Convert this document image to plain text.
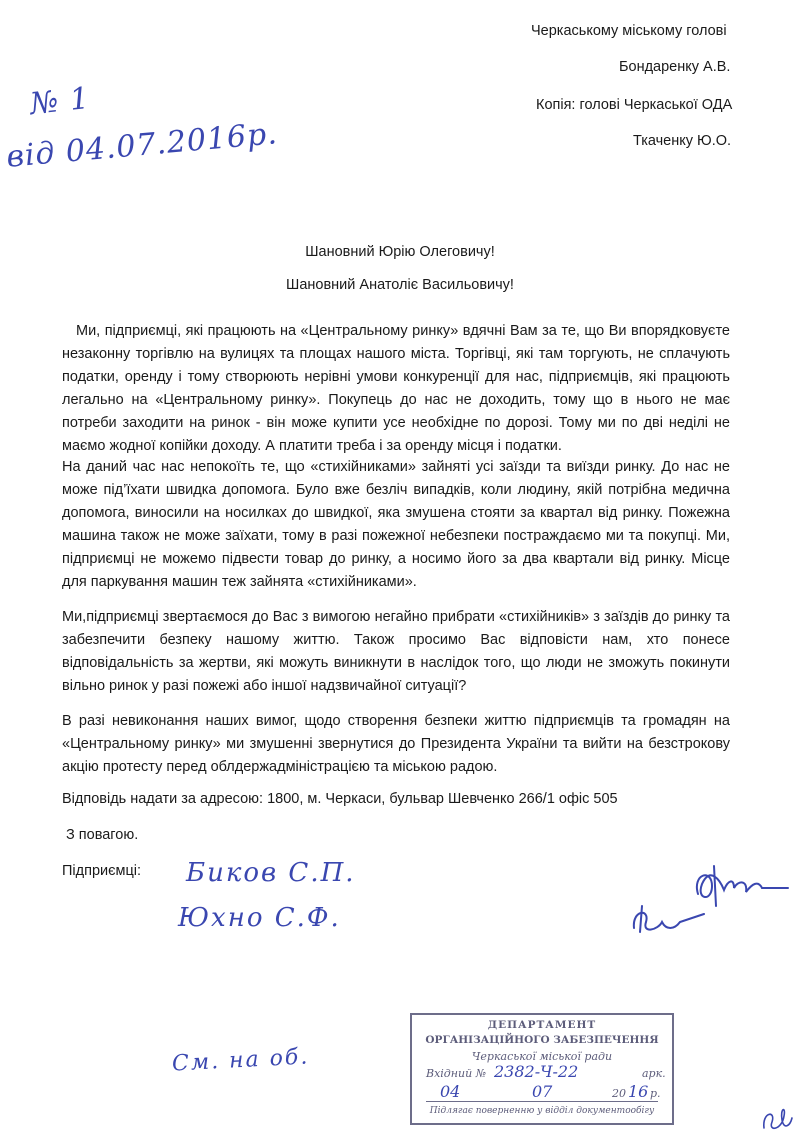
Черкаському міському голові
Бондаренку А.В.
Копія: голові Черкаської ОДА
Ткаченку Ю.О.
№ 1
від 04.07.2016р.
Шановний Юрію Олеговичу!
Шановний Анатоліє Васильовичу!
Ми, підприємці, які працюють на «Центральному ринку» вдячні Вам за те, що Ви впорядковуєте незаконну торгівлю на вулицях та площах нашого міста. Торгівці, які там торгують, не сплачують податки, оренду і тому створюють нерівні умови конкуренції для нас, підприємців, які працюють легально на «Центральному ринку». Покупець до нас не доходить, тому що в нього не має потреби заходити на ринок - він може купити усе необхідне по дорозі. Тому ми по дві неділі не маємо жодної копійки доходу. А платити треба і за оренду місця і податки.
На даний час нас непокоїть те, що «стихійниками» зайняті усі заїзди та виїзди ринку. До нас не може під’їхати швидка допомога. Було вже безліч випадків, коли людину, якій потрібна медична допомога, виносили на носилках до швидкої, яка змушена стояти за квартал від ринку. Пожежна машина також не може заїхати, тому в разі пожежної небезпеки постраждаємо ми та покупці. Ми, підприємці не можемо підвести товар до ринку, а носимо його за два квартали від ринку. Місце для паркування машин теж зайнята «стихійниками».
Ми,підприємці звертаємося до Вас з вимогою негайно прибрати «стихійників» з заїздів до ринку та забезпечити безпеку нашому життю. Також просимо Вас відповісти нам, хто понесе відповідальність за жертви, які можуть виникнути в наслідок того, що люди не зможуть покинути вільно ринок у разі пожежі або іншої надзвичайної ситуації?
В разі невиконання наших вимог, щодо створення безпеки життю підприємців та громадян на «Центральному ринку» ми змушенні звернутися до Президента України та вийти на безстрокову акцію протесту перед облдержадміністрацією та міською радою.
Відповідь надати за адресою: 1800, м. Черкаси, бульвар Шевченко 266/1 офіс 505
З повагою.
Підприємці: Биков С.П.
Юхно С.Ф.
См. на об.
ДЕПАРТАМЕНТ
ОРГАНІЗАЦІЙНОГО ЗАБЕЗПЕЧЕННЯ
Черкаської міської ради
Вхідний № 2382-Ч-22	арк.
04	07	20 16 р.
Підлягає поверненню у відділ документообігу
